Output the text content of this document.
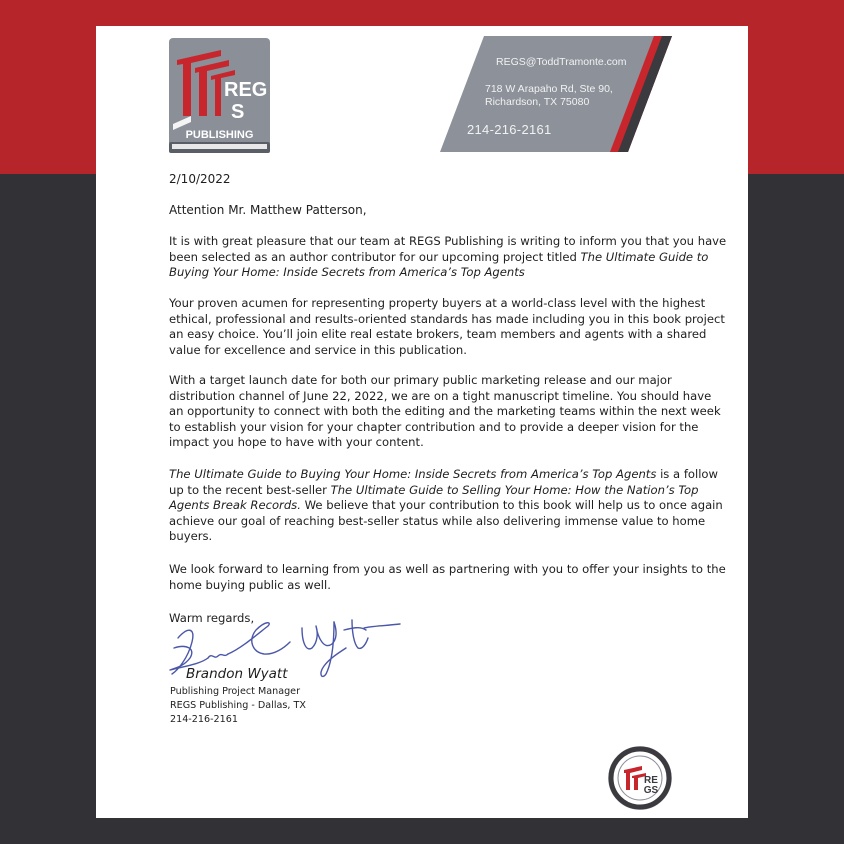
REG
S
PUBLISHING
REGS@ToddTramonte.com
718 W Arapaho Rd, Ste 90,
Richardson, TX 75080
214-216-2161
2/10/2022
Attention Mr. Matthew Patterson,

It is with great pleasure that our team at REGS Publishing is writing to inform you that you have been selected as an author contributor for our upcoming project titled The Ultimate Guide to Buying Your Home: Inside Secrets from America’s Top Agents

Your proven acumen for representing property buyers at a world-class level with the highest ethical, professional and results-oriented standards has made including you in this book project an easy choice. You’ll join elite real estate brokers, team members and agents with a shared value for excellence and service in this publication.

With a target launch date for both our primary public marketing release and our major distribution channel of June 22, 2022, we are on a tight manuscript timeline. You should have an opportunity to connect with both the editing and the marketing teams within the next week to establish your vision for your chapter contribution and to provide a deeper vision for the impact you hope to have with your content.

The Ultimate Guide to Buying Your Home: Inside Secrets from America’s Top Agents is a follow up to the recent best-seller The Ultimate Guide to Selling Your Home: How the Nation’s Top Agents Break Records. We believe that your contribution to this book will help us to once again achieve our goal of reaching best-seller status while also delivering immense value to home buyers.

We look forward to learning from you as well as partnering with you to offer your insights to the home buying public as well.

Warm regards,
Brandon Wyatt
Publishing Project Manager
REGS Publishing - Dallas, TX
214-216-2161
RE
GS
